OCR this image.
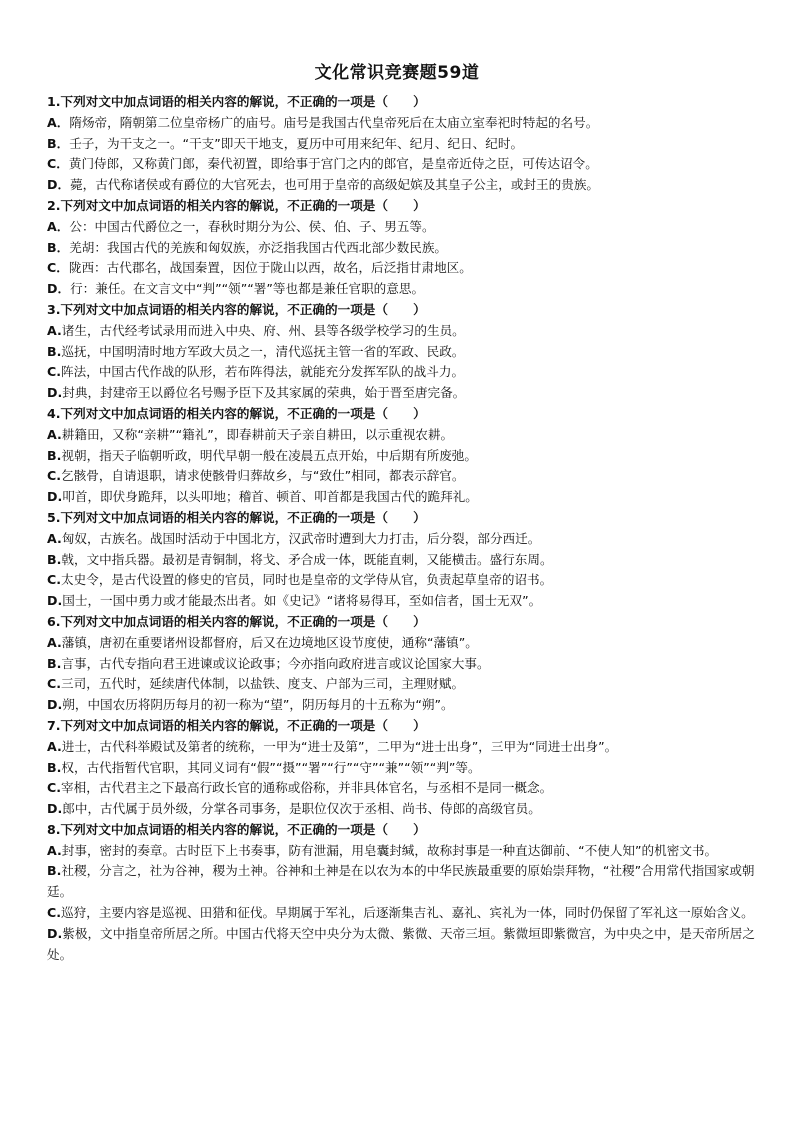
文化常识竞赛题59道
1.下列对文中加点词语的相关内容的解说，不正确的一项是（　　）
A．隋炀帝，隋朝第二位皇帝杨广的庙号。庙号是我国古代皇帝死后在太庙立室奉祀时特起的名号。
B．壬子，为干支之一。“干支”即天干地支，夏历中可用来纪年、纪月、纪日、纪时。
C．黄门侍郎，又称黄门郎，秦代初置，即给事于宫门之内的郎官，是皇帝近侍之臣，可传达诏令。
D．薨，古代称诸侯或有爵位的大官死去，也可用于皇帝的高级妃嫔及其皇子公主，或封王的贵族。
2.下列对文中加点词语的相关内容的解说，不正确的一项是（　　）
A．公：中国古代爵位之一，春秋时期分为公、侯、伯、子、男五等。
B．羌胡：我国古代的羌族和匈奴族，亦泛指我国古代西北部少数民族。
C．陇西：古代郡名，战国秦置，因位于陇山以西，故名，后泛指甘肃地区。
D．行：兼任。在文言文中“判”“领”“署”等也都是兼任官职的意思。
3.下列对文中加点词语的相关内容的解说，不正确的一项是（　　）
A.诸生，古代经考试录用而进入中央、府、州、县等各级学校学习的生员。
B.巡抚，中国明清时地方军政大员之一，清代巡抚主管一省的军政、民政。
C.阵法，中国古代作战的队形，若布阵得法，就能充分发挥军队的战斗力。
D.封典，封建帝王以爵位名号赐予臣下及其家属的荣典，始于晋至唐完备。
4.下列对文中加点词语的相关内容的解说，不正确的一项是（　　）
A.耕籍田，又称“亲耕”“籍礼”，即春耕前天子亲自耕田，以示重视农耕。
B.视朝，指天子临朝听政，明代早朝一般在凌晨五点开始，中后期有所废弛。
C.乞骸骨，自请退职，请求使骸骨归葬故乡，与“致仕”相同，都表示辞官。
D.叩首，即伏身跪拜，以头叩地；稽首、顿首、叩首都是我国古代的跪拜礼。
5.下列对文中加点词语的相关内容的解说，不正确的一项是（　　）
A.匈奴，古族名。战国时活动于中国北方，汉武帝时遭到大力打击，后分裂，部分西迁。
B.戟，文中指兵器。最初是青铜制，将戈、矛合成一体，既能直刺，又能横击。盛行东周。
C.太史令，是古代设置的修史的官员，同时也是皇帝的文学侍从官，负责起草皇帝的诏书。
D.国士，一国中勇力或才能最杰出者。如《史记》“诸将易得耳，至如信者，国士无双”。
6.下列对文中加点词语的相关内容的解说，不正确的一项是（　　）
A.藩镇，唐初在重要诸州设都督府，后又在边境地区设节度使，通称“藩镇”。
B.言事，古代专指向君王进谏或议论政事；今亦指向政府进言或议论国家大事。
C.三司，五代时，延续唐代体制，以盐铁、度支、户部为三司，主理财赋。
D.朔，中国农历将阴历每月的初一称为“望”，阴历每月的十五称为“朔”。
7.下列对文中加点词语的相关内容的解说，不正确的一项是（　　）
A.进士，古代科举殿试及第者的统称，一甲为“进士及第”，二甲为“进士出身”，三甲为“同进士出身”。
B.权，古代指暂代官职，其同义词有“假”“摄”“署”“行”“守”“兼”“领”“判”等。
C.宰相，古代君主之下最高行政长官的通称或俗称，并非具体官名，与丞相不是同一概念。
D.郎中，古代属于员外级，分掌各司事务，是职位仅次于丞相、尚书、侍郎的高级官员。
8.下列对文中加点词语的相关内容的解说，不正确的一项是（　　）
A.封事，密封的奏章。古时臣下上书奏事，防有泄漏，用皂囊封缄，故称封事是一种直达御前、“不使人知”的机密文书。
B.社稷，分言之，社为谷神，稷为土神。谷神和土神是在以农为本的中华民族最重要的原始崇拜物，“社稷”合用常代指国家或朝廷。
C.巡狩，主要内容是巡视、田猎和征伐。早期属于军礼，后逐渐集吉礼、嘉礼、宾礼为一体，同时仍保留了军礼这一原始含义。
D.紫极，文中指皇帝所居之所。中国古代将天空中央分为太微、紫微、天帝三垣。紫微垣即紫微宫，为中央之中，是天帝所居之处。
